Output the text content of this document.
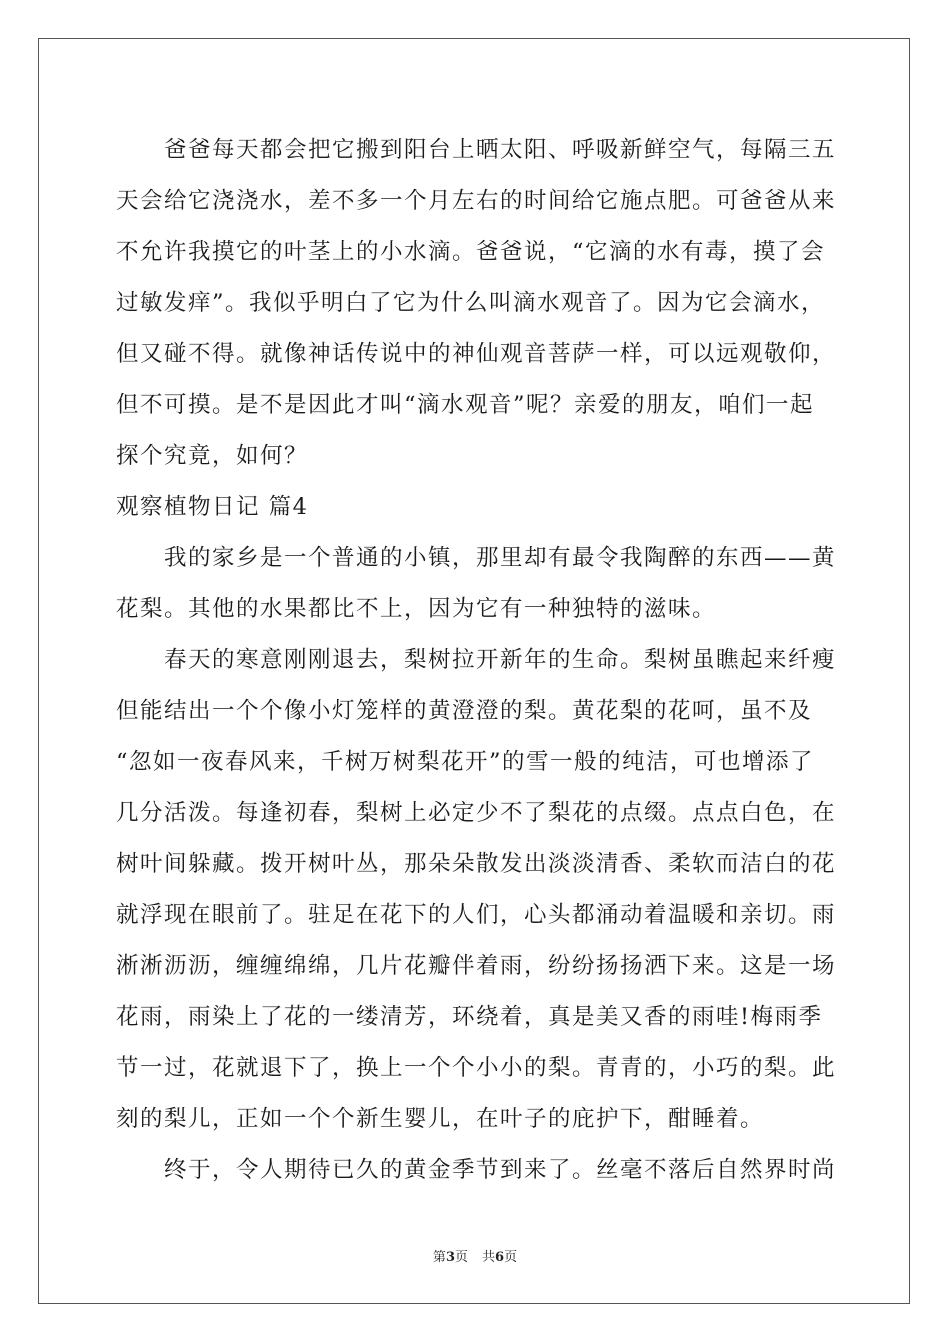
爸爸每天都会把它搬到阳台上晒太阳、呼吸新鲜空气，每隔三五
天会给它浇浇水，差不多一个月左右的时间给它施点肥。可爸爸从来
不允许我摸它的叶茎上的小水滴。爸爸说，“它滴的水有毒，摸了会
过敏发痒”。我似乎明白了它为什么叫滴水观音了。因为它会滴水，
但又碰不得。就像神话传说中的神仙观音菩萨一样，可以远观敬仰，
但不可摸。是不是因此才叫“滴水观音”呢？亲爱的朋友，咱们一起
探个究竟，如何？
观察植物日记 篇4
我的家乡是一个普通的小镇，那里却有最令我陶醉的东西——黄
花梨。其他的水果都比不上，因为它有一种独特的滋味。
春天的寒意刚刚退去，梨树拉开新年的生命。梨树虽瞧起来纤瘦
但能结出一个个像小灯笼样的黄澄澄的梨。黄花梨的花呵，虽不及
“忽如一夜春风来，千树万树梨花开”的雪一般的纯洁，可也增添了
几分活泼。每逢初春，梨树上必定少不了梨花的点缀。点点白色，在
树叶间躲藏。拨开树叶丛，那朵朵散发出淡淡清香、柔软而洁白的花
就浮现在眼前了。驻足在花下的人们，心头都涌动着温暖和亲切。雨
淅淅沥沥，缠缠绵绵，几片花瓣伴着雨，纷纷扬扬洒下来。这是一场
花雨，雨染上了花的一缕清芳，环绕着，真是美又香的雨哇!梅雨季
节一过，花就退下了，换上一个个小小的梨。青青的，小巧的梨。此
刻的梨儿，正如一个个新生婴儿，在叶子的庇护下，酣睡着。
终于，令人期待已久的黄金季节到来了。丝毫不落后自然界时尚
第3页 共6页
